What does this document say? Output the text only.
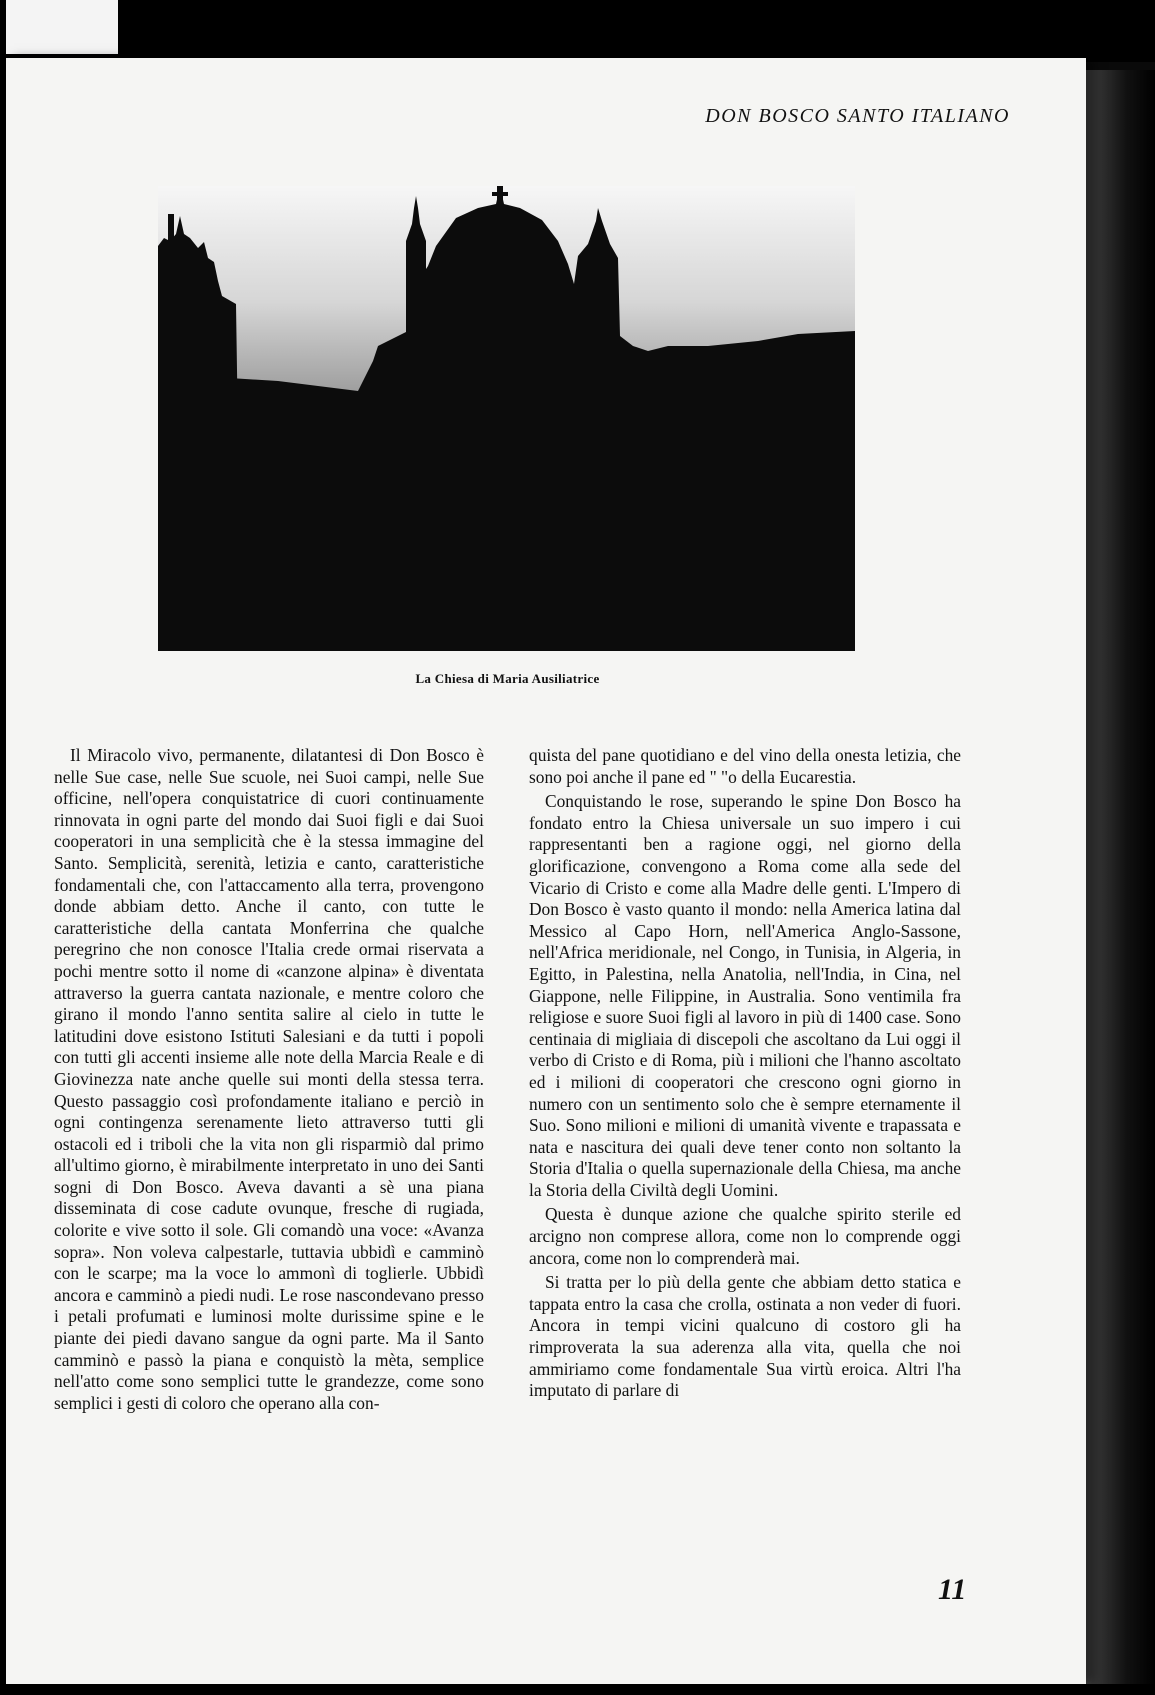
DON BOSCO SANTO ITALIANO
La Chiesa di Maria Ausiliatrice

Il Miracolo vivo, permanente, dilatantesi di Don Bosco è nelle Sue case, nelle Sue scuole, nei Suoi campi, nelle Sue officine, nell'opera conquistatrice di cuori continuamente rinnovata in ogni parte del mondo dai Suoi figli e dai Suoi cooperatori in una semplicità che è la stessa immagine del Santo. Semplicità, serenità, letizia e canto, caratteristiche fondamentali che, con l'attaccamento alla terra, provengono donde abbiam detto. Anche il canto, con tutte le caratteristiche della cantata Monferrina che qualche peregrino che non conosce l'Italia crede ormai riservata a pochi mentre sotto il nome di «canzone alpina» è diventata attraverso la guerra cantata nazionale, e mentre coloro che girano il mondo l'anno sentita salire al cielo in tutte le latitudini dove esistono Istituti Salesiani e da tutti i popoli con tutti gli accenti insieme alle note della Marcia Reale e di Giovinezza nate anche quelle sui monti della stessa terra. Questo passaggio così profondamente italiano e perciò in ogni contingenza serenamente lieto attraverso tutti gli ostacoli ed i triboli che la vita non gli risparmiò dal primo all'ultimo giorno, è mirabilmente interpretato in uno dei Santi sogni di Don Bosco. Aveva davanti a sè una piana disseminata di cose cadute ovunque, fresche di rugiada, colorite e vive sotto il sole. Gli comandò una voce: «Avanza sopra». Non voleva calpestarle, tuttavia ubbidì e camminò con le scarpe; ma la voce lo ammonì di toglierle. Ubbidì ancora e camminò a piedi nudi. Le rose nascondevano presso i petali profumati e luminosi molte durissime spine e le piante dei piedi davano sangue da ogni parte. Ma il Santo camminò e passò la piana e conquistò la mèta, semplice nell'atto come sono semplici tutte le grandezze, come sono semplici i gesti di coloro che operano alla con-

quista del pane quotidiano e del vino della onesta letizia, che sono poi anche il pane ed " "o della Eucarestia.

Conquistando le rose, superando le spine Don Bosco ha fondato entro la Chiesa universale un suo impero i cui rappresentanti ben a ragione oggi, nel giorno della glorificazione, convengono a Roma come alla sede del Vicario di Cristo e come alla Madre delle genti. L'Impero di Don Bosco è vasto quanto il mondo: nella America latina dal Messico al Capo Horn, nell'America Anglo-Sassone, nell'Africa meridionale, nel Congo, in Tunisia, in Algeria, in Egitto, in Palestina, nella Anatolia, nell'India, in Cina, nel Giappone, nelle Filippine, in Australia. Sono ventimila fra religiose e suore Suoi figli al lavoro in più di 1400 case. Sono centinaia di migliaia di discepoli che ascoltano da Lui oggi il verbo di Cristo e di Roma, più i milioni che l'hanno ascoltato ed i milioni di cooperatori che crescono ogni giorno in numero con un sentimento solo che è sempre eternamente il Suo. Sono milioni e milioni di umanità vivente e trapassata e nata e nascitura dei quali deve tener conto non soltanto la Storia d'Italia o quella supernazionale della Chiesa, ma anche la Storia della Civiltà degli Uomini.

Questa è dunque azione che qualche spirito sterile ed arcigno non comprese allora, come non lo comprende oggi ancora, come non lo comprenderà mai.

Si tratta per lo più della gente che abbiam detto statica e tappata entro la casa che crolla, ostinata a non veder di fuori. Ancora in tempi vicini qualcuno di costoro gli ha rimproverata la sua aderenza alla vita, quella che noi ammiriamo come fondamentale Sua virtù eroica. Altri l'ha imputato di parlare di

11
